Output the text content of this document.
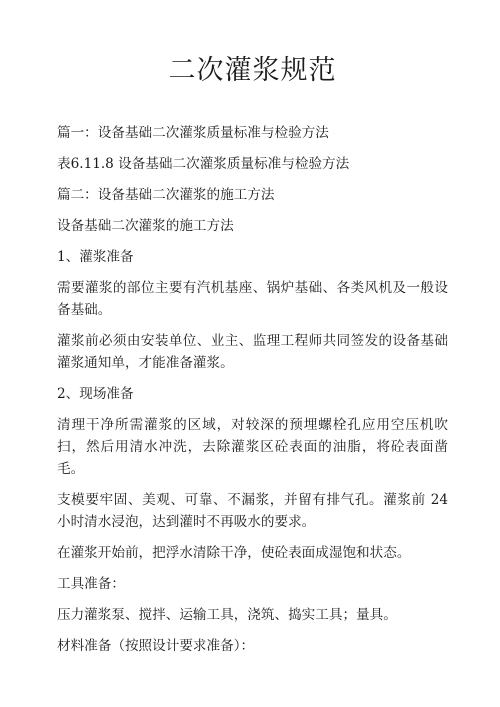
二次灌浆规范

篇一：设备基础二次灌浆质量标准与检验方法

表6.11.8 设备基础二次灌浆质量标准与检验方法

篇二：设备基础二次灌浆的施工方法

设备基础二次灌浆的施工方法

1、灌浆准备

需要灌浆的部位主要有汽机基座、锅炉基础、各类风机及一般设备基础。

灌浆前必须由安装单位、业主、监理工程师共同签发的设备基础灌浆通知单，才能准备灌浆。

2、现场准备

清理干净所需灌浆的区域，对较深的预埋螺栓孔应用空压机吹扫，然后用清水冲洗，去除灌浆区砼表面的油脂，将砼表面凿毛。

支模要牢固、美观、可靠、不漏浆，并留有排气孔。灌浆前 24 小时清水浸泡，达到灌时不再吸水的要求。

在灌浆开始前，把浮水清除干净，使砼表面成湿饱和状态。

工具准备：

压力灌浆泵、搅拌、运输工具，浇筑、捣实工具；量具。

材料准备（按照设计要求准备）：
